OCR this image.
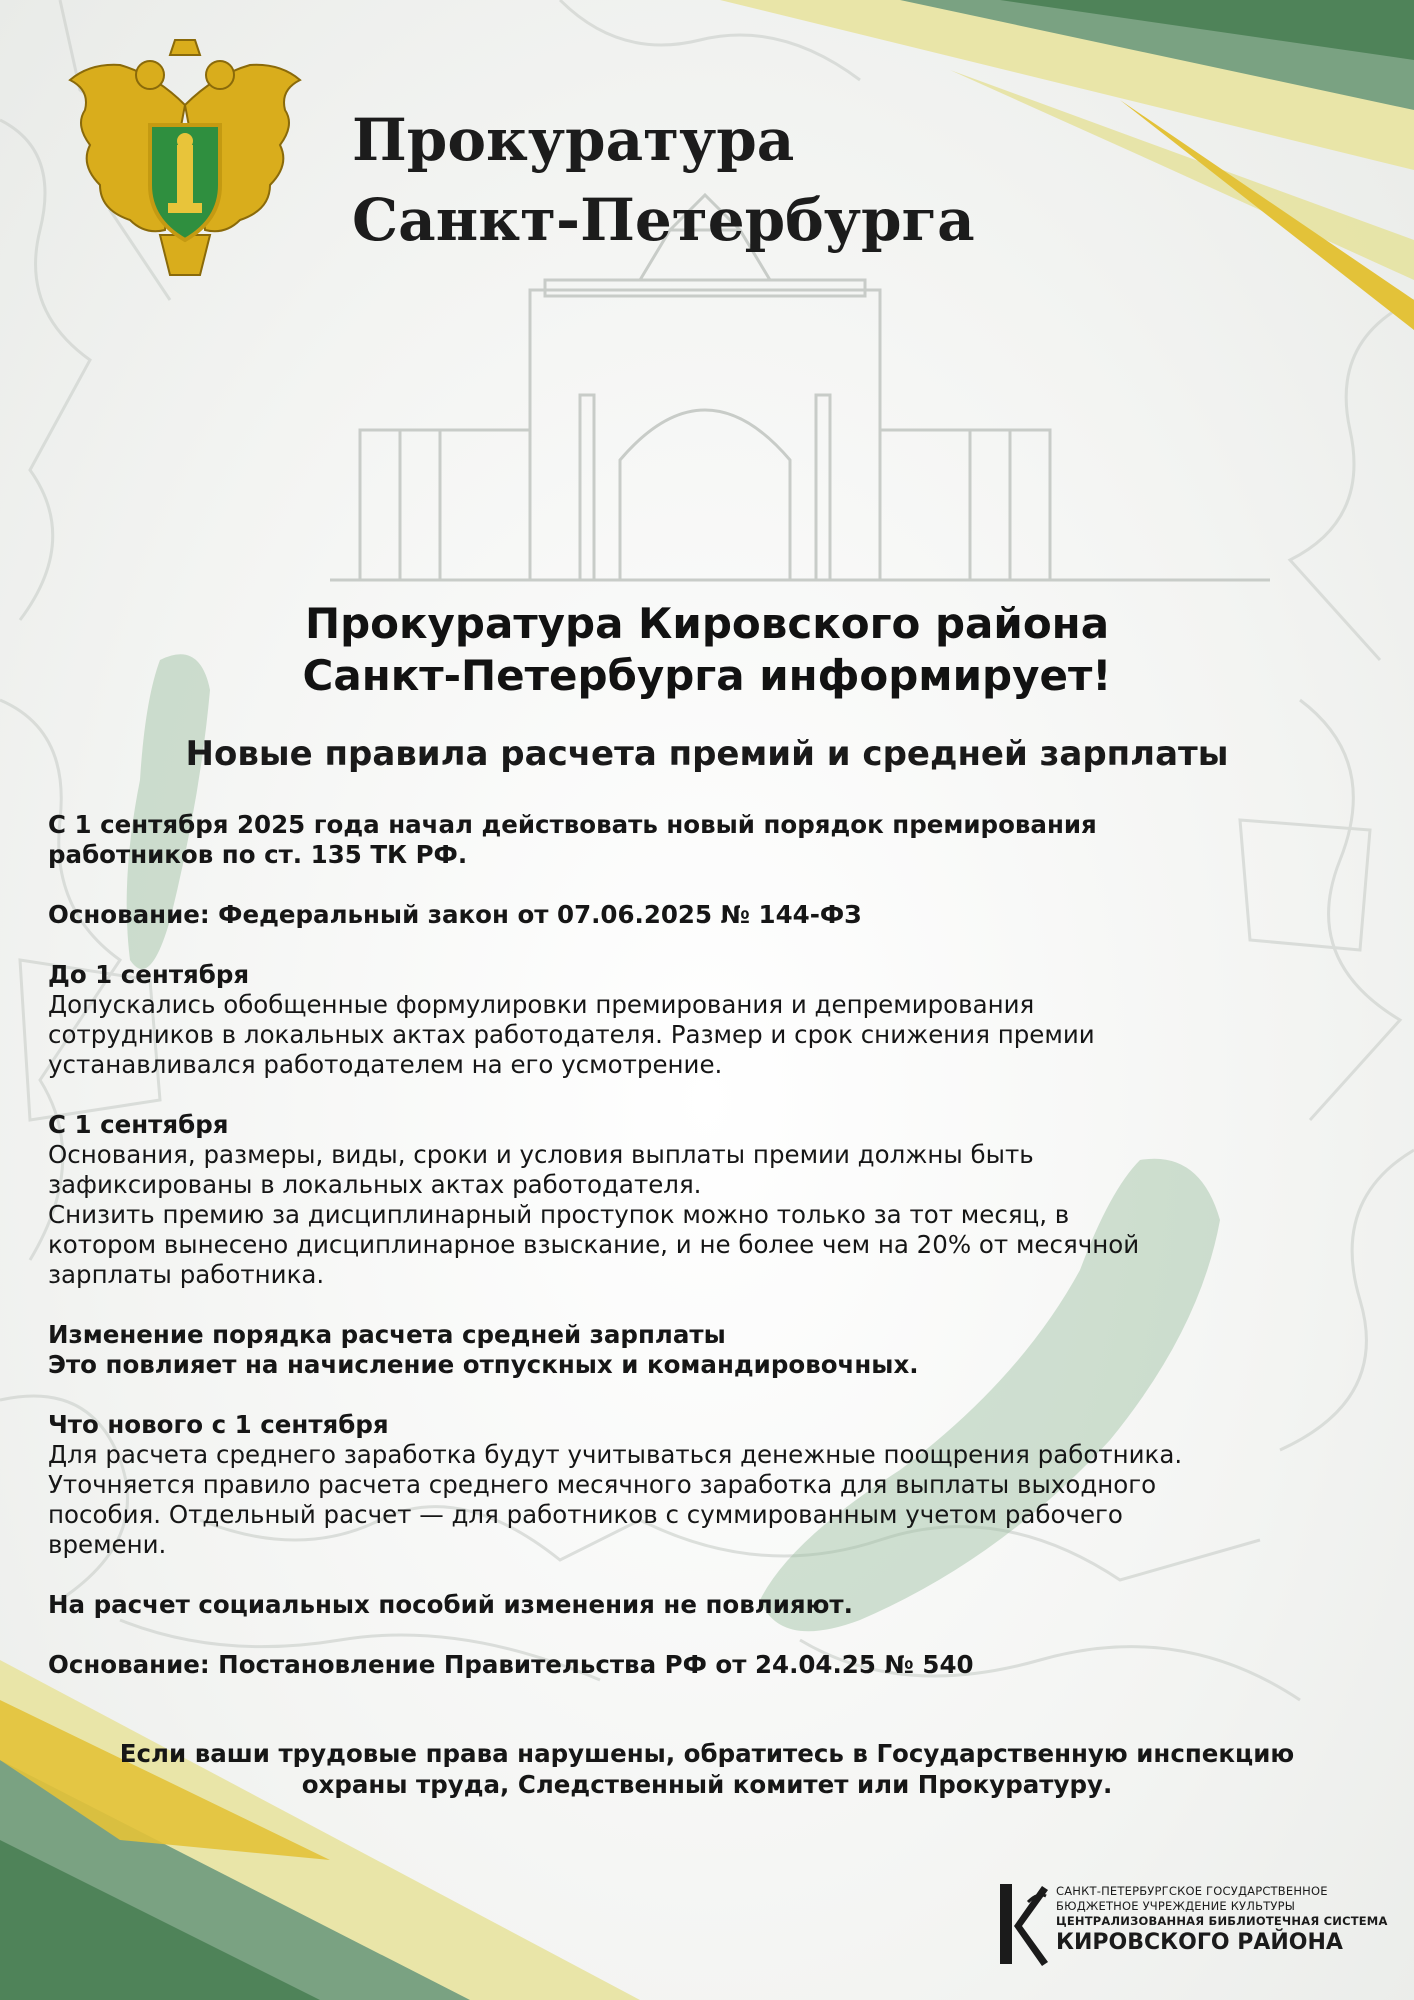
Прокуратура
Санкт-Петербурга
Прокуратура Кировского района
Санкт-Петербурга информирует!
Новые правила расчета премий и средней зарплаты

С 1 сентября 2025 года начал действовать новый порядок премирования
работников по ст. 135 ТК РФ.

Основание: Федеральный закон от 07.06.2025 № 144-ФЗ

До 1 сентября
Допускались обобщенные формулировки премирования и депремирования
сотрудников в локальных актах работодателя. Размер и срок снижения премии
устанавливался работодателем на его усмотрение.

С 1 сентября
Основания, размеры, виды, сроки и условия выплаты премии должны быть
зафиксированы в локальных актах работодателя.
Снизить премию за дисциплинарный проступок можно только за тот месяц, в
котором вынесено дисциплинарное взыскание, и не более чем на 20% от месячной
зарплаты работника.

Изменение порядка расчета средней зарплаты
Это повлияет на начисление отпускных и командировочных.

Что нового с 1 сентября
Для расчета среднего заработка будут учитываться денежные поощрения работника.
Уточняется правило расчета среднего месячного заработка для выплаты выходного
пособия. Отдельный расчет — для работников с суммированным учетом рабочего
времени.

На расчет социальных пособий изменения не повлияют.

Основание: Постановление Правительства РФ от 24.04.25 № 540

Если ваши трудовые права нарушены, обратитесь в Государственную инспекцию
охраны труда, Следственный комитет или Прокуратуру.

САНКТ-ПЕТЕРБУРГСКОЕ ГОСУДАРСТВЕННОЕ
БЮДЖЕТНОЕ УЧРЕЖДЕНИЕ КУЛЬТУРЫ
ЦЕНТРАЛИЗОВАННАЯ БИБЛИОТЕЧНАЯ СИСТЕМА
КИРОВСКОГО РАЙОНА
